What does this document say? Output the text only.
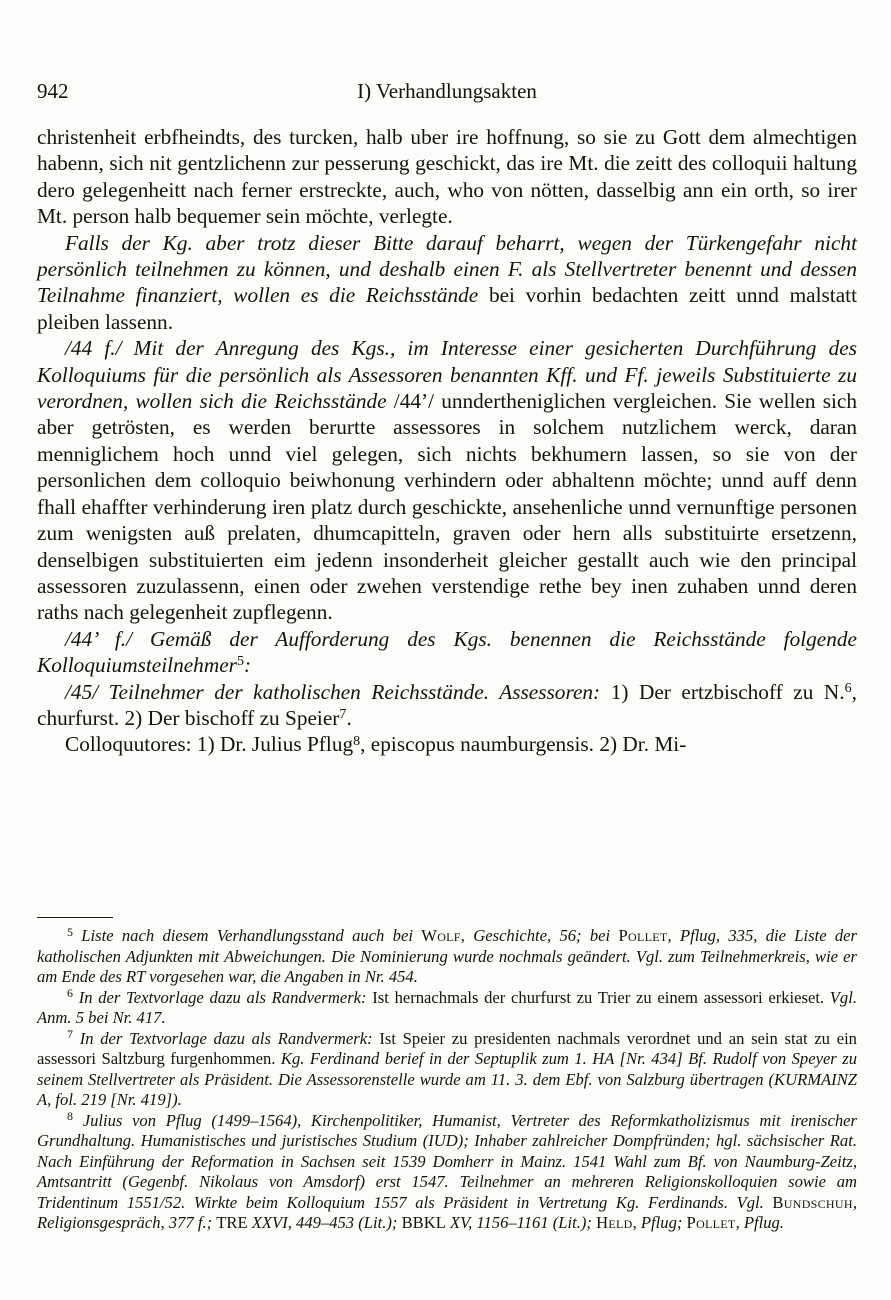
942	I) Verhandlungsakten

christenheit erbfheindts, des turcken, halb uber ire hoffnung, so sie zu Gott dem almechtigen habenn, sich nit gentzlichenn zur pesserung geschickt, das ire Mt. die zeitt des colloquii haltung dero gelegenheitt nach ferner erstreckte, auch, who von nötten, dasselbig ann ein orth, so irer Mt. person halb bequemer sein möchte, verlegte.

Falls der Kg. aber trotz dieser Bitte darauf beharrt, wegen der Türkengefahr nicht persönlich teilnehmen zu können, und deshalb einen F. als Stellvertreter benennt und dessen Teilnahme finanziert, wollen es die Reichsstände bei vorhin bedachten zeitt unnd malstatt pleiben lassenn.

/44 f./ Mit der Anregung des Kgs., im Interesse einer gesicherten Durchführung des Kolloquiums für die persönlich als Assessoren benannten Kff. und Ff. jeweils Substituierte zu verordnen, wollen sich die Reichsstände /44’/ unndertheniglichen vergleichen. Sie wellen sich aber getrösten, es werden berurtte assessores in solchem nutzlichem werck, daran menniglichem hoch unnd viel gelegen, sich nichts bekhumern lassen, so sie von der personlichen dem colloquio beiwhonung verhindern oder abhaltenn möchte; unnd auff denn fhall ehaffter verhinderung iren platz durch geschickte, ansehenliche unnd vernunftige personen zum wenigsten auß prelaten, dhumcapitteln, graven oder hern alls substituirte ersetzenn, denselbigen substituierten eim jedenn insonderheit gleicher gestallt auch wie den principal assessoren zuzulassenn, einen oder zwehen verstendige rethe bey inen zuhaben unnd deren raths nach gelegenheit zupflegenn.

/44’ f./ Gemäß der Aufforderung des Kgs. benennen die Reichsstände folgende Kolloquiumsteilnehmer$^5$:

/45/ Teilnehmer der katholischen Reichsstände. Assessoren: 1) Der ertzbischoff zu N.$^6$, churfurst. 2) Der bischoff zu Speier$^7$.

Colloquutores: 1) Dr. Julius Pflug$^8$, episcopus naumburgensis. 2) Dr. Mi-

$^5$ Liste nach diesem Verhandlungsstand auch bei Wolf, Geschichte, 56; bei Pollet, Pflug, 335, die Liste der katholischen Adjunkten mit Abweichungen. Die Nominierung wurde nochmals geändert. Vgl. zum Teilnehmerkreis, wie er am Ende des RT vorgesehen war, die Angaben in Nr. 454.

$^6$ In der Textvorlage dazu als Randvermerk: Ist hernachmals der churfurst zu Trier zu einem assessori erkieset. Vgl. Anm. 5 bei Nr. 417.

$^7$ In der Textvorlage dazu als Randvermerk: Ist Speier zu presidenten nachmals verordnet und an sein stat zu ein assessori Saltzburg furgenhommen. Kg. Ferdinand berief in der Septuplik zum 1. HA [Nr. 434] Bf. Rudolf von Speyer zu seinem Stellvertreter als Präsident. Die Assessorenstelle wurde am 11. 3. dem Ebf. von Salzburg übertragen (KURMAINZ A, fol. 219 [Nr. 419]).

$^8$ Julius von Pflug (1499–1564), Kirchenpolitiker, Humanist, Vertreter des Reformkatholizismus mit irenischer Grundhaltung. Humanistisches und juristisches Studium (IUD); Inhaber zahlreicher Dompfründen; hgl. sächsischer Rat. Nach Einführung der Reformation in Sachsen seit 1539 Domherr in Mainz. 1541 Wahl zum Bf. von Naumburg-Zeitz, Amtsantritt (Gegenbf. Nikolaus von Amsdorf) erst 1547. Teilnehmer an mehreren Religionskolloquien sowie am Tridentinum 1551/52. Wirkte beim Kolloquium 1557 als Präsident in Vertretung Kg. Ferdinands. Vgl. Bundschuh, Religionsgespräch, 377 f.; TRE XXVI, 449–453 (Lit.); BBKL XV, 1156–1161 (Lit.); Held, Pflug; Pollet, Pflug.
